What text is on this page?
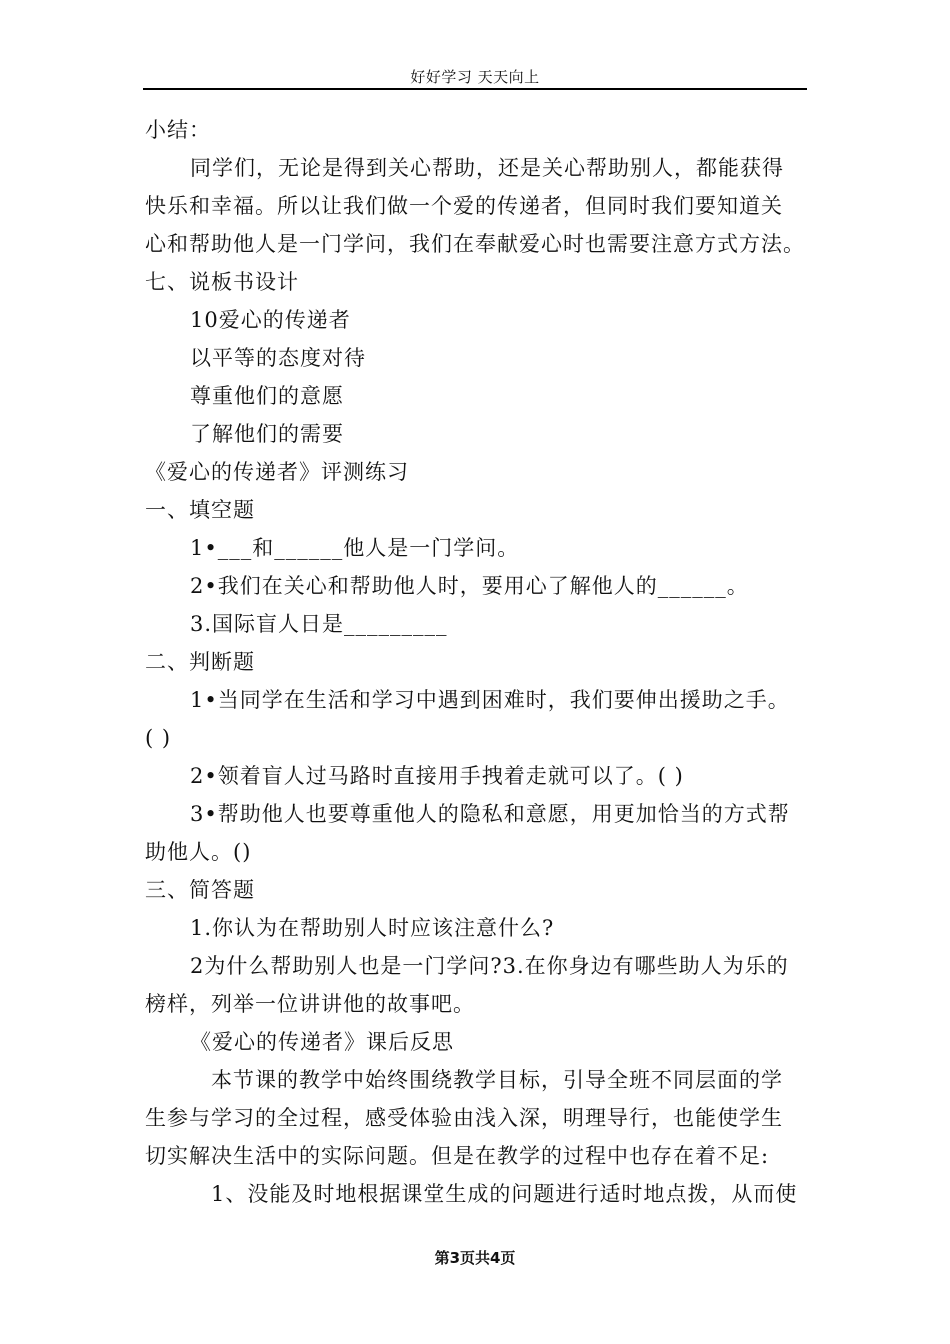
好好学习 天天向上
小结：
同学们，无论是得到关心帮助，还是关心帮助别人，都能获得
快乐和幸福。所以让我们做一个爱的传递者，但同时我们要知道关
心和帮助他人是一门学问，我们在奉献爱心时也需要注意方式方法。
七、说板书设计
10爱心的传递者
以平等的态度对待
尊重他们的意愿
了解他们的需要
《爱心的传递者》评测练习
一、填空题
1•___和______他人是一门学问。
2•我们在关心和帮助他人时，要用心了解他人的______。
3.国际盲人日是_________
二、判断题
1•当同学在生活和学习中遇到困难时，我们要伸出援助之手。
( )
2•领着盲人过马路时直接用手拽着走就可以了。( )
3•帮助他人也要尊重他人的隐私和意愿，用更加恰当的方式帮
助他人。()
三、简答题
1.你认为在帮助别人时应该注意什么?
2为什么帮助别人也是一门学问?3.在你身边有哪些助人为乐的
榜样，列举一位讲讲他的故事吧。
《爱心的传递者》课后反思
本节课的教学中始终围绕教学目标，引导全班不同层面的学
生参与学习的全过程，感受体验由浅入深，明理导行，也能使学生
切实解决生活中的实际问题。但是在教学的过程中也存在着不足:
1、没能及时地根据课堂生成的问题进行适时地点拨，从而使
第3页共4页
